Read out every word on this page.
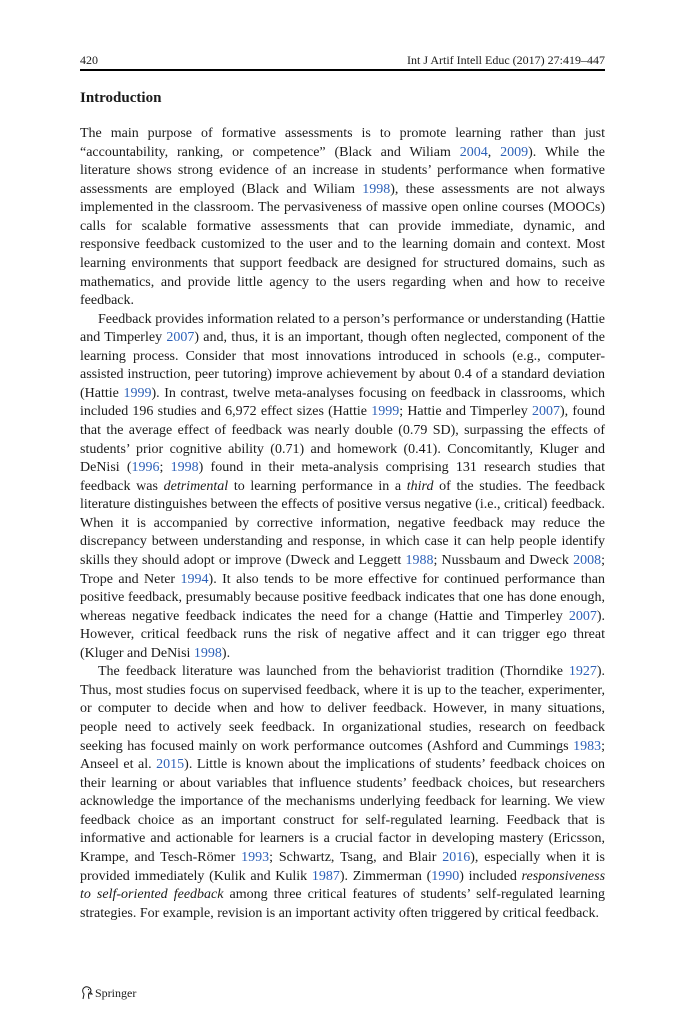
420	Int J Artif Intell Educ (2017) 27:419–447
Introduction

The main purpose of formative assessments is to promote learning rather than just “accountability, ranking, or competence” (Black and Wiliam 2004, 2009). While the literature shows strong evidence of an increase in students’ performance when formative assessments are employed (Black and Wiliam 1998), these assessments are not always implemented in the classroom. The pervasiveness of massive open online courses (MOOCs) calls for scalable formative assessments that can provide immediate, dynamic, and responsive feedback customized to the user and to the learning domain and context. Most learning environments that support feedback are designed for structured domains, such as mathematics, and provide little agency to the users regarding when and how to receive feedback.

Feedback provides information related to a person’s performance or understanding (Hattie and Timperley 2007) and, thus, it is an important, though often neglected, component of the learning process. Consider that most innovations introduced in schools (e.g., computer-assisted instruction, peer tutoring) improve achievement by about 0.4 of a standard deviation (Hattie 1999). In contrast, twelve meta-analyses focusing on feedback in classrooms, which included 196 studies and 6,972 effect sizes (Hattie 1999; Hattie and Timperley 2007), found that the average effect of feedback was nearly double (0.79 SD), surpassing the effects of students’ prior cognitive ability (0.71) and homework (0.41). Concomitantly, Kluger and DeNisi (1996; 1998) found in their meta-analysis comprising 131 research studies that feedback was detrimental to learning performance in a third of the studies. The feedback literature distinguishes between the effects of positive versus negative (i.e., critical) feedback. When it is accompanied by corrective information, negative feedback may reduce the discrepancy between understanding and response, in which case it can help people identify skills they should adopt or improve (Dweck and Leggett 1988; Nussbaum and Dweck 2008; Trope and Neter 1994). It also tends to be more effective for continued performance than positive feedback, presumably because positive feedback indicates that one has done enough, whereas negative feedback indicates the need for a change (Hattie and Timperley 2007). However, critical feedback runs the risk of negative affect and it can trigger ego threat (Kluger and DeNisi 1998).

The feedback literature was launched from the behaviorist tradition (Thorndike 1927). Thus, most studies focus on supervised feedback, where it is up to the teacher, experimenter, or computer to decide when and how to deliver feedback. However, in many situations, people need to actively seek feedback. In organizational studies, research on feedback seeking has focused mainly on work performance outcomes (Ashford and Cummings 1983; Anseel et al. 2015). Little is known about the implications of students’ feedback choices on their learning or about variables that influence students’ feedback choices, but researchers acknowledge the importance of the mechanisms underlying feedback for learning. We view feedback choice as an important construct for self-regulated learning. Feedback that is informative and actionable for learners is a crucial factor in developing mastery (Ericsson, Krampe, and Tesch-Römer 1993; Schwartz, Tsang, and Blair 2016), especially when it is provided immediately (Kulik and Kulik 1987). Zimmerman (1990) included responsiveness to self-oriented feedback among three critical features of students’ self-regulated learning strategies. For example, revision is an important activity often triggered by critical feedback.

Springer
